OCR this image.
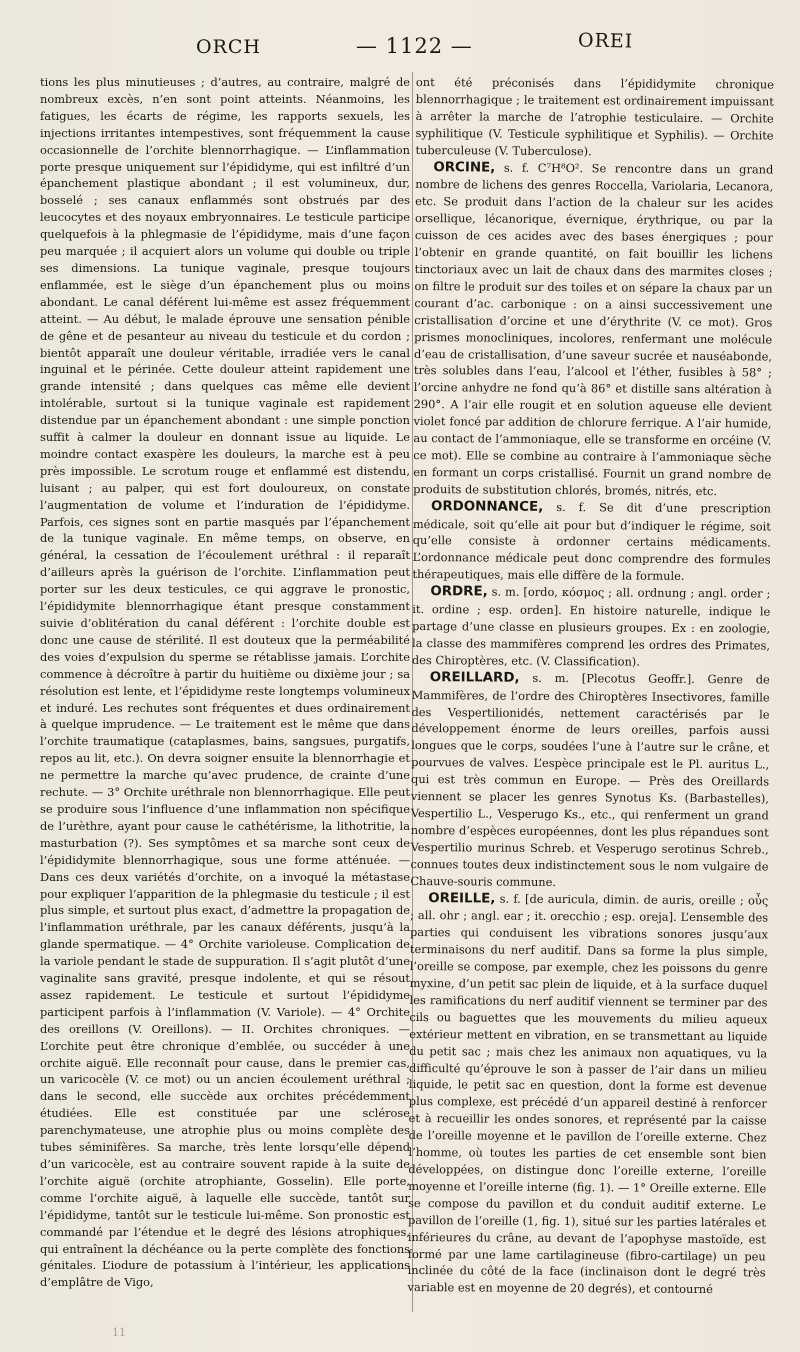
ORCH	— 1122 —	OREI

tions les plus minutieuses ; d’autres, au contraire, malgré de nombreux excès, n’en sont point atteints. Néanmoins, les fatigues, les écarts de régime, les rapports sexuels, les injections irritantes intempestives, sont fréquemment la cause occasionnelle de l’orchite blennorrhagique. — L’inflammation porte presque uniquement sur l’épididyme, qui est infiltré d’un épanchement plastique abondant ; il est volumineux, dur, bosselé ; ses canaux enflammés sont obstrués par des leucocytes et des noyaux embryonnaires. Le testicule participe quelquefois à la phlegmasie de l’épididyme, mais d’une façon peu marquée ; il acquiert alors un volume qui double ou triple ses dimensions. La tunique vaginale, presque toujours enflammée, est le siège d’un épanchement plus ou moins abondant. Le canal déférent lui-même est assez fréquemment atteint. — Au début, le malade éprouve une sensation pénible de gêne et de pesanteur au niveau du testicule et du cordon ; bientôt apparaît une douleur véritable, irradiée vers le canal inguinal et le périnée. Cette douleur atteint rapidement une grande intensité ; dans quelques cas même elle devient intolérable, surtout si la tunique vaginale est rapidement distendue par un épanchement abondant : une simple ponction suffit à calmer la douleur en donnant issue au liquide. Le moindre contact exaspère les douleurs, la marche est à peu près impossible. Le scrotum rouge et enflammé est distendu, luisant ; au palper, qui est fort douloureux, on constate l’augmentation de volume et l’induration de l’épididyme. Parfois, ces signes sont en partie masqués par l’épanchement de la tunique vaginale. En même temps, on observe, en général, la cessation de l’écoulement uréthral : il reparaît d’ailleurs après la guérison de l’orchite. L’inflammation peut porter sur les deux testicules, ce qui aggrave le pronostic, l’épididymite blennorrhagique étant presque constamment suivie d’oblitération du canal déférent : l’orchite double est donc une cause de stérilité. Il est douteux que la perméabilité des voies d’expulsion du sperme se rétablisse jamais. L’orchite commence à décroître à partir du huitième ou dixième jour ; sa résolution est lente, et l’épididyme reste longtemps volumineux et induré. Les rechutes sont fréquentes et dues ordinairement à quelque imprudence. — Le traitement est le même que dans l’orchite traumatique (cataplasmes, bains, sangsues, purgatifs, repos au lit, etc.). On devra soigner ensuite la blennorrhagie et ne permettre la marche qu’avec prudence, de crainte d’une rechute. — 3° Orchite uréthrale non blennorrhagique. Elle peut se produire sous l’influence d’une inflammation non spécifique de l’urèthre, ayant pour cause le cathétérisme, la lithotritie, la masturbation (?). Ses symptômes et sa marche sont ceux de l’épididymite blennorrhagique, sous une forme atténuée. — Dans ces deux variétés d’orchite, on a invoqué la métastase pour expliquer l’apparition de la phlegmasie du testicule ; il est plus simple, et surtout plus exact, d’admettre la propagation de l’inflammation uréthrale, par les canaux déférents, jusqu’à la glande spermatique. — 4° Orchite varioleuse. Complication de la variole pendant le stade de suppuration. Il s’agit plutôt d’une vaginalite sans gravité, presque indolente, et qui se résout assez rapidement. Le testicule et surtout l’épididyme participent parfois à l’inflammation (V. Variole). — 4° Orchite des oreillons (V. Oreillons). — II. Orchites chroniques. — L’orchite peut être chronique d’emblée, ou succéder à une orchite aiguë. Elle reconnaît pour cause, dans le premier cas, un varicocèle (V. ce mot) ou un ancien écoulement uréthral ; dans le second, elle succède aux orchites précédemment étudiées. Elle est constituée par une sclérose parenchymateuse, une atrophie plus ou moins complète des tubes séminifères. Sa marche, très lente lorsqu’elle dépend d’un varicocèle, est au contraire souvent rapide à la suite de l’orchite aiguë (orchite atrophiante, Gosselin). Elle porte, comme l’orchite aiguë, à laquelle elle succède, tantôt sur l’épididyme, tantôt sur le testicule lui-même. Son pronostic est commandé par l’étendue et le degré des lésions atrophiques, qui entraînent la déchéance ou la perte complète des fonctions génitales. L’iodure de potassium à l’intérieur, les applications d’emplâtre de Vigo,

ont été préconisés dans l’épididymite chronique blennorrhagique ; le traitement est ordinairement impuissant à arrêter la marche de l’atrophie testiculaire. — Orchite syphilitique (V. Testicule syphilitique et Syphilis). — Orchite tuberculeuse (V. Tuberculose).

ORCINE, s. f. C⁷H⁸O². Se rencontre dans un grand nombre de lichens des genres Roccella, Variolaria, Lecanora, etc. Se produit dans l’action de la chaleur sur les acides orsellique, lécanorique, évernique, érythrique, ou par la cuisson de ces acides avec des bases énergiques ; pour l’obtenir en grande quantité, on fait bouillir les lichens tinctoriaux avec un lait de chaux dans des marmites closes ; on filtre le produit sur des toiles et on sépare la chaux par un courant d’ac. carbonique : on a ainsi successivement une cristallisation d’orcine et une d’érythrite (V. ce mot). Gros prismes monocliniques, incolores, renfermant une molécule d’eau de cristallisation, d’une saveur sucrée et nauséabonde, très solubles dans l’eau, l’alcool et l’éther, fusibles à 58° ; l’orcine anhydre ne fond qu’à 86° et distille sans altération à 290°. A l’air elle rougit et en solution aqueuse elle devient violet foncé par addition de chlorure ferrique. A l’air humide, au contact de l’ammoniaque, elle se transforme en orcéine (V. ce mot). Elle se combine au contraire à l’ammoniaque sèche en formant un corps cristallisé. Fournit un grand nombre de produits de substitution chlorés, bromés, nitrés, etc.

ORDONNANCE, s. f. Se dit d’une prescription médicale, soit qu’elle ait pour but d’indiquer le régime, soit qu’elle consiste à ordonner certains médicaments. L’ordonnance médicale peut donc comprendre des formules thérapeutiques, mais elle diffère de la formule.

ORDRE, s. m. [ordo, κόσμος ; all. ordnung ; angl. order ; it. ordine ; esp. orden]. En histoire naturelle, indique le partage d’une classe en plusieurs groupes. Ex : en zoologie, la classe des mammifères comprend les ordres des Primates, des Chiroptères, etc. (V. Classification).

OREILLARD, s. m. [Plecotus Geoffr.]. Genre de Mammifères, de l’ordre des Chiroptères Insectivores, famille des Vespertilionidés, nettement caractérisés par le développement énorme de leurs oreilles, parfois aussi longues que le corps, soudées l’une à l’autre sur le crâne, et pourvues de valves. L’espèce principale est le Pl. auritus L., qui est très commun en Europe. — Près des Oreillards viennent se placer les genres Synotus Ks. (Barbastelles), Vespertilio L., Vesperugo Ks., etc., qui renferment un grand nombre d’espèces européennes, dont les plus répandues sont Vespertilio murinus Schreb. et Vesperugo serotinus Schreb., connues toutes deux indistinctement sous le nom vulgaire de Chauve-souris commune.

OREILLE, s. f. [de auricula, dimin. de auris, oreille ; οὖς ; all. ohr ; angl. ear ; it. orecchio ; esp. oreja]. L’ensemble des parties qui conduisent les vibrations sonores jusqu’aux terminaisons du nerf auditif. Dans sa forme la plus simple, l’oreille se compose, par exemple, chez les poissons du genre myxine, d’un petit sac plein de liquide, et à la surface duquel les ramifications du nerf auditif viennent se terminer par des cils ou baguettes que les mouvements du milieu aqueux extérieur mettent en vibration, en se transmettant au liquide du petit sac ; mais chez les animaux non aquatiques, vu la difficulté qu’éprouve le son à passer de l’air dans un milieu liquide, le petit sac en question, dont la forme est devenue plus complexe, est précédé d’un appareil destiné à renforcer et à recueillir les ondes sonores, et représenté par la caisse de l’oreille moyenne et le pavillon de l’oreille externe. Chez l’homme, où toutes les parties de cet ensemble sont bien développées, on distingue donc l’oreille externe, l’oreille moyenne et l’oreille interne (fig. 1). — 1° Oreille externe. Elle se compose du pavillon et du conduit auditif externe. Le pavillon de l’oreille (1, fig. 1), situé sur les parties latérales et inférieures du crâne, au devant de l’apophyse mastoïde, est formé par une lame cartilagineuse (fibro-cartilage) un peu inclinée du côté de la face (inclinaison dont le degré très variable est en moyenne de 20 degrés), et contourné

11
